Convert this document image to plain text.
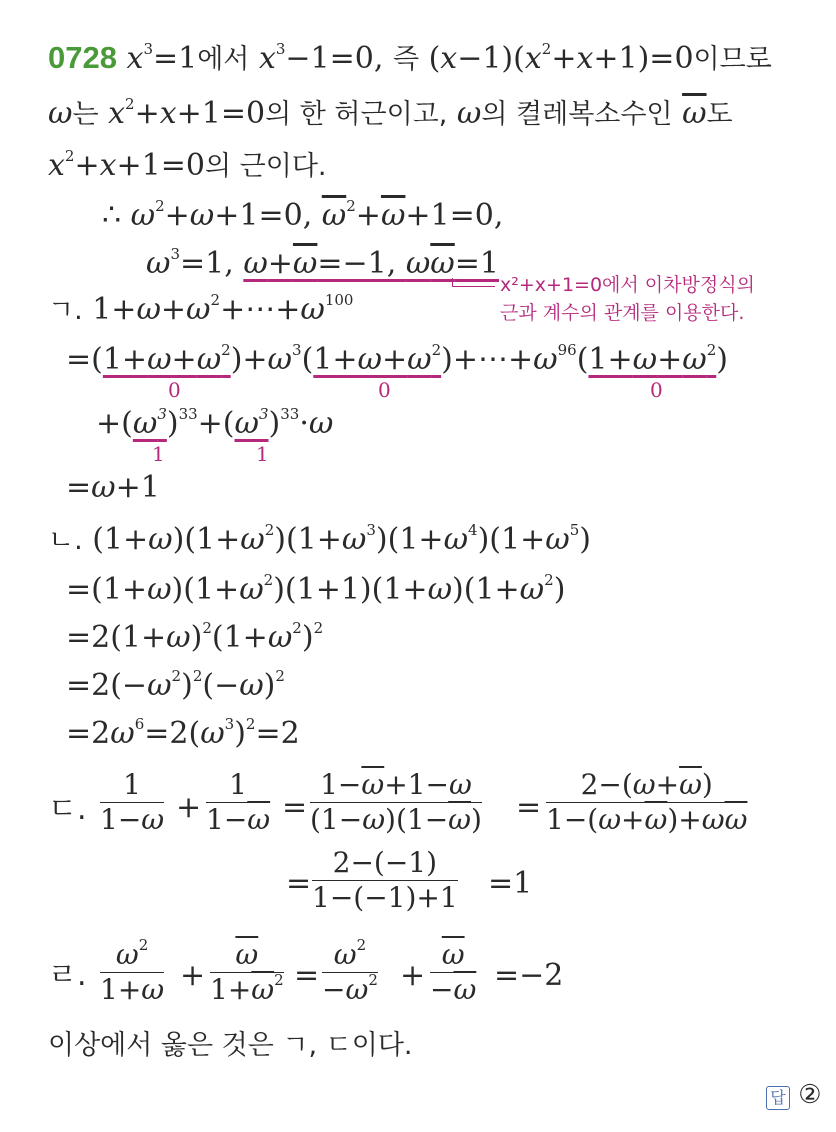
0728 $x^3=1$에서 $x^3-1=0$, 즉 $(x-1)(x^2+x+1)=0$이므로
ω는 $x^2+x+1=0$의 한 허근이고, ω의 켤레복소수인 $\overline{\omega}$도
$x^2+x+1=0$의 근이다.
∴ $\omega^2+\omega+1=0$, $\overline{\omega}^2+\overline{\omega}+1=0$,
$\omega^3=1$, ω+ω=−1, ωω=1
x²+x+1=0에서 이차방정식의
근과 계수의 관계를 이용한다.
ㄱ. $1+\omega+\omega^2+\cdots+\omega^{100}$
$=(1+\omega+\omega^2)+\omega^3(1+\omega+\omega^2)+\cdots+\omega^{96}(1+\omega+\omega^2)$
0	0	0
$+(\omega^3)^{33}+(\omega^3)^{33}\cdot\omega$
1	1
=ω+1
ㄴ. $(1+\omega)(1+\omega^2)(1+\omega^3)(1+\omega^4)(1+\omega^5)$
$=(1+\omega)(1+\omega^2)(1+1)(1+\omega)(1+\omega^2)$
$=2(1+\omega)^2(1+\omega^2)^2$
$=2(-\omega^2)^2(-\omega)^2$
$=2\omega^6=2(\omega^3)^2=2$
ㄷ. $\frac{1}{1-\omega} + \frac{1}{1-\overline{\omega}} = \frac{1-\overline{\omega}+1-\omega}{(1-\omega)(1-\overline{\omega})} = \frac{2-(\omega+\overline{\omega})}{1-(\omega+\overline{\omega})+\omega\overline{\omega}}$
= $\frac{2-(-1)}{1-(-1)+1} =1$
ㄹ. $\frac{\omega^2}{1+\omega} + \frac{\overline{\omega}}{1+\overline{\omega}^2} = \frac{\omega^2}{-\omega^2} + \frac{\overline{\omega}}{-\overline{\omega}} =-2$
이상에서 옳은 것은 ㄱ, ㄷ이다.
답 ②
